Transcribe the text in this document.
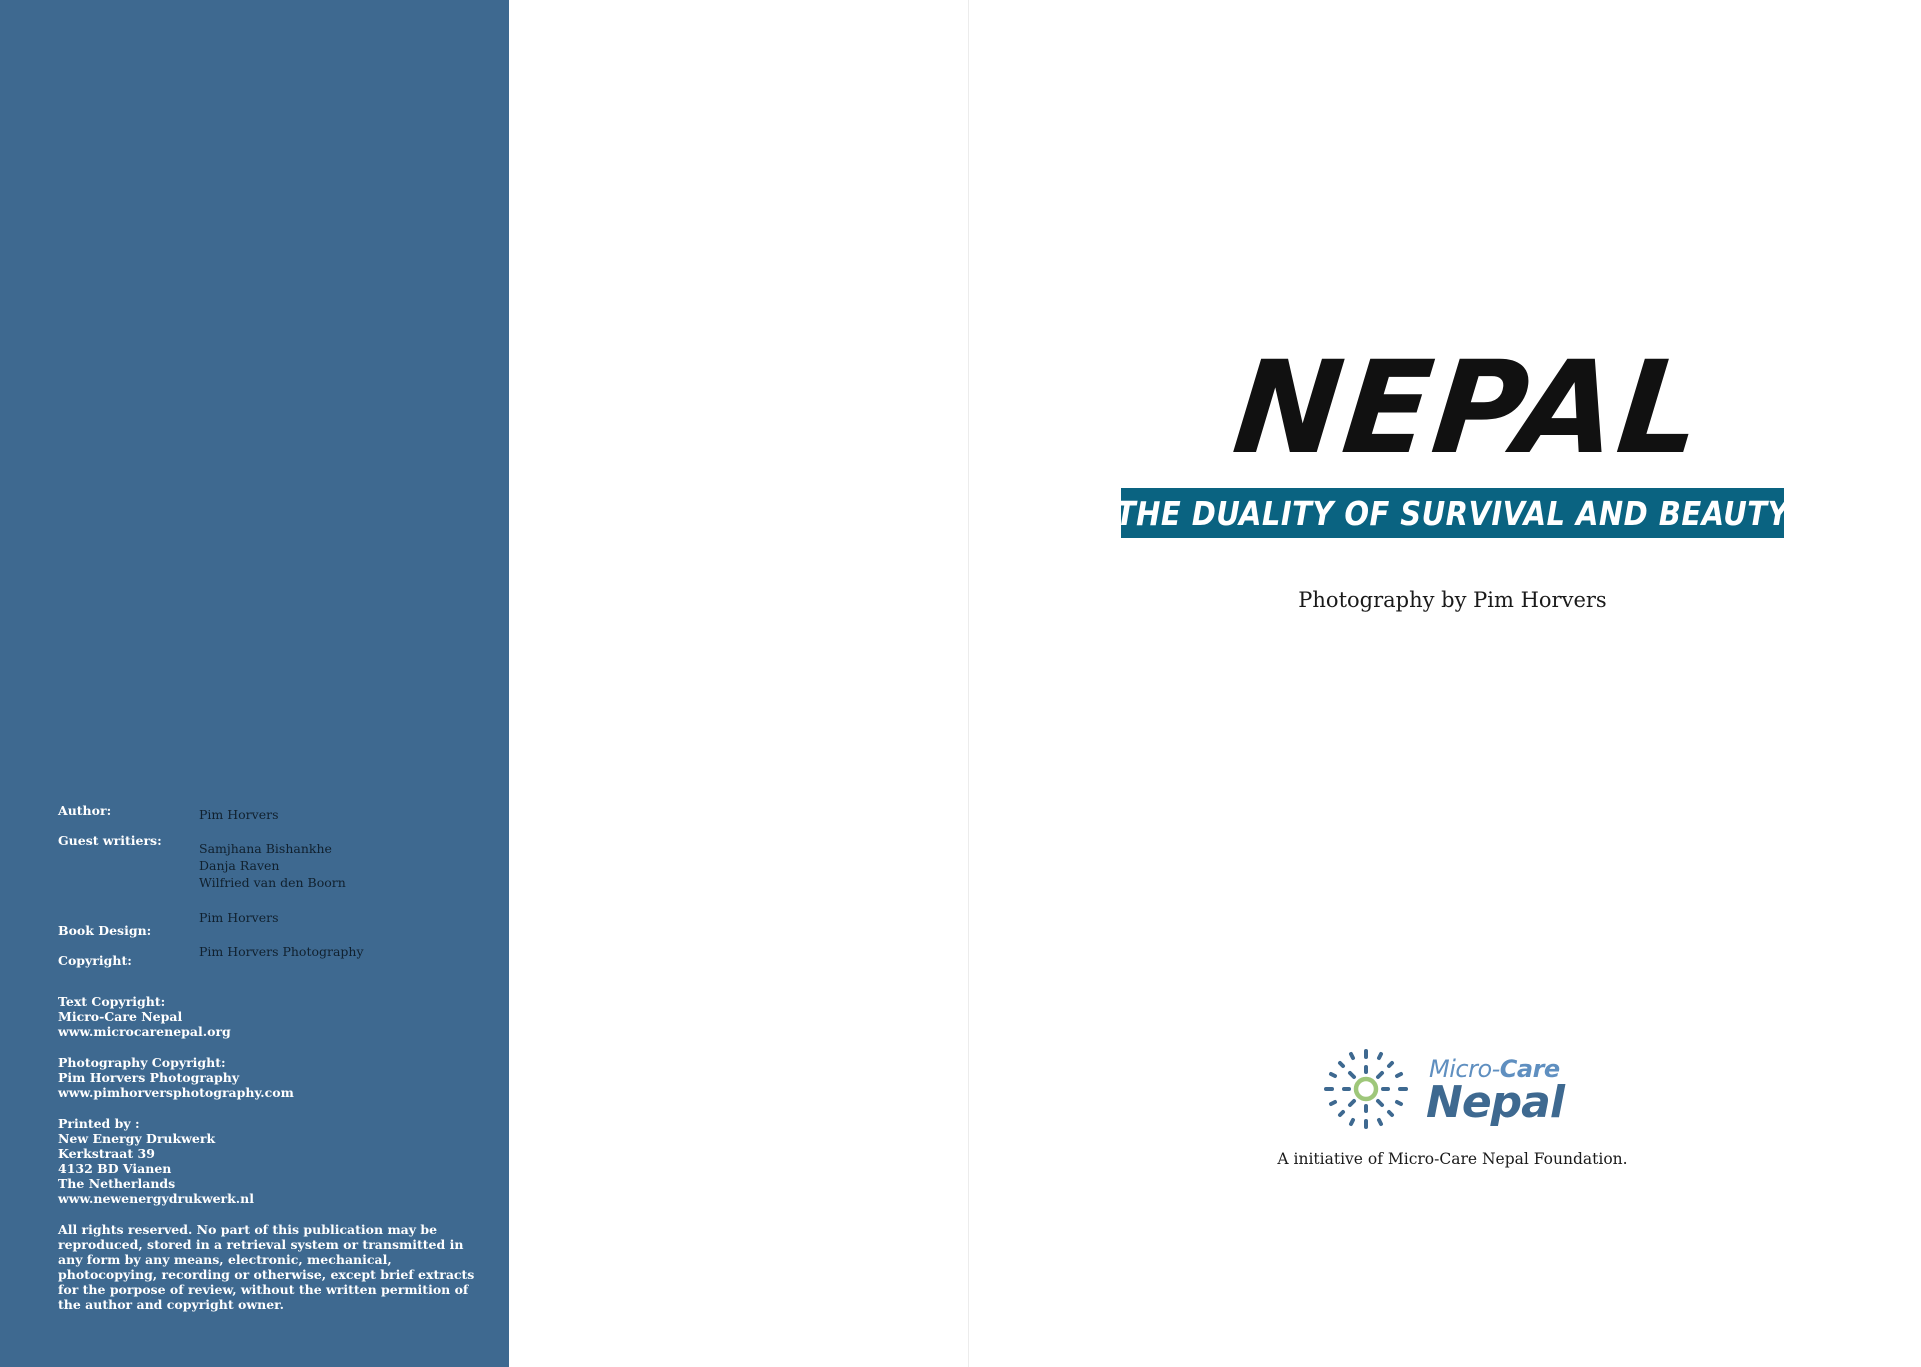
Author:	Pim Horvers
Guest writiers:
Samjhana Bishankhe
Danja Raven
Wilfried van den Boorn
Pim Horvers
Book Design:
Pim Horvers Photography
Copyright:
Text Copyright:
Micro-Care Nepal
www.microcarenepal.org
Photography Copyright:
Pim Horvers Photography
www.pimhorversphotography.com
Printed by :
New Energy Drukwerk
Kerkstraat 39
4132 BD Vianen
The Netherlands
www.newenergydrukwerk.nl
All rights reserved. No part of this publication may be reproduced, stored in a retrieval system or transmitted in any form by any means, electronic, mechanical, photocopying, recording or otherwise, except brief extracts for the porpose of review, without the written permition of the author and copyright owner.
NEPAL
THE DUALITY OF SURVIVAL AND BEAUTY
Photography by Pim Horvers
Micro-Care
Nepal
A initiative of Micro-Care Nepal Foundation.
